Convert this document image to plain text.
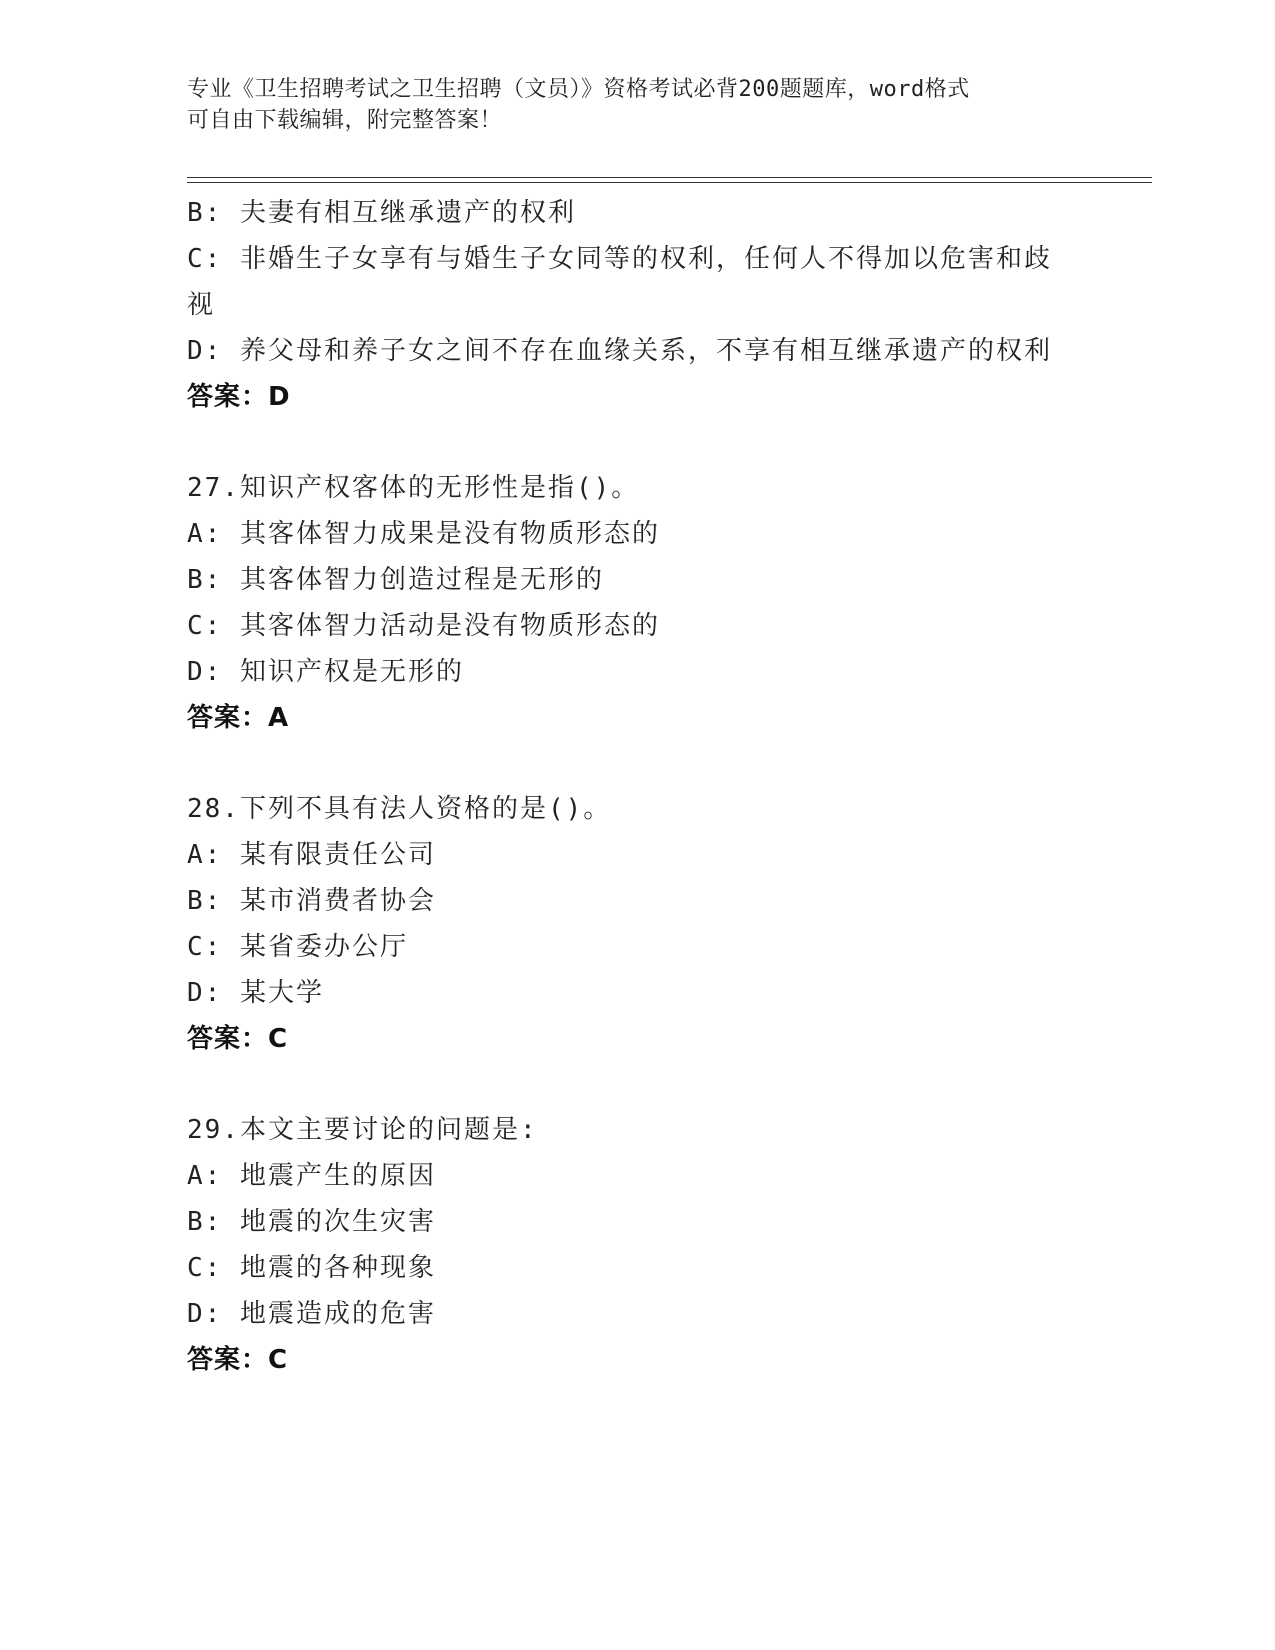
专业《卫生招聘考试之卫生招聘（文员）》资格考试必背200题题库，word格式
可自由下载编辑，附完整答案！
B: 夫妻有相互继承遗产的权利
C: 非婚生子女享有与婚生子女同等的权利，任何人不得加以危害和歧
视
D: 养父母和养子女之间不存在血缘关系，不享有相互继承遗产的权利
答案：D
27.知识产权客体的无形性是指()。
A: 其客体智力成果是没有物质形态的
B: 其客体智力创造过程是无形的
C: 其客体智力活动是没有物质形态的
D: 知识产权是无形的
答案：A
28.下列不具有法人资格的是()。
A: 某有限责任公司
B: 某市消费者协会
C: 某省委办公厅
D: 某大学
答案：C
29.本文主要讨论的问题是:
A: 地震产生的原因
B: 地震的次生灾害
C: 地震的各种现象
D: 地震造成的危害
答案：C
